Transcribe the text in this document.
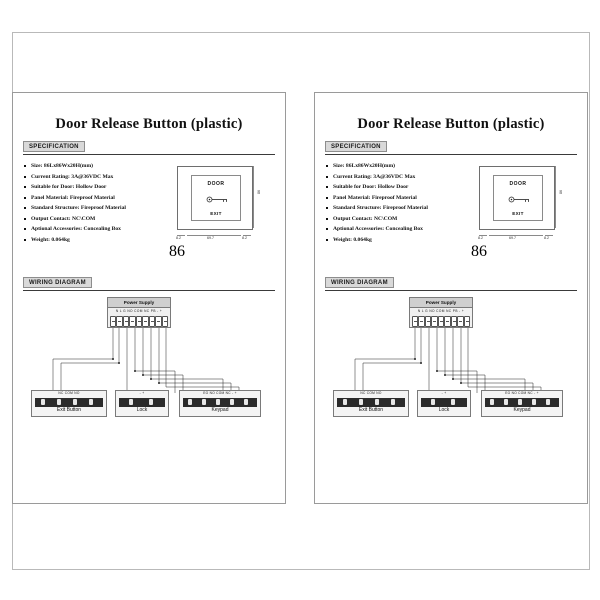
Door Release Button (plastic)
SPECIFICATION
Size: 86Lx86Wx20H(mm)
Current Rating: 3A@36VDC Max
Suitable for Door: Hollow Door
Panel Material: Fireproof Material
Standard Structure: Fireproof Material
Output Contact: NC\COM
Aptional Accessories: Concealing Box
Weight: 0.064kg
DOOR
EXIT
86
8.2	69.7	8.2
86
WIRING DIAGRAM
Power Supply
N L G NO COM NC PB - +
NC COM NO
Exit Button
- +
Lock
EG NO COM NC - +
Keypad
Door Release Button (plastic)
SPECIFICATION
Size: 86Lx86Wx20H(mm)
Current Rating: 3A@36VDC Max
Suitable for Door: Hollow Door
Panel Material: Fireproof Material
Standard Structure: Fireproof Material
Output Contact: NC\COM
Aptional Accessories: Concealing Box
Weight: 0.064kg
DOOR
EXIT
86
8.2	69.7	8.2
86
WIRING DIAGRAM
Power Supply
N L G NO COM NC PB - +
NC COM NO
Exit Button
- +
Lock
EG NO COM NC - +
Keypad
